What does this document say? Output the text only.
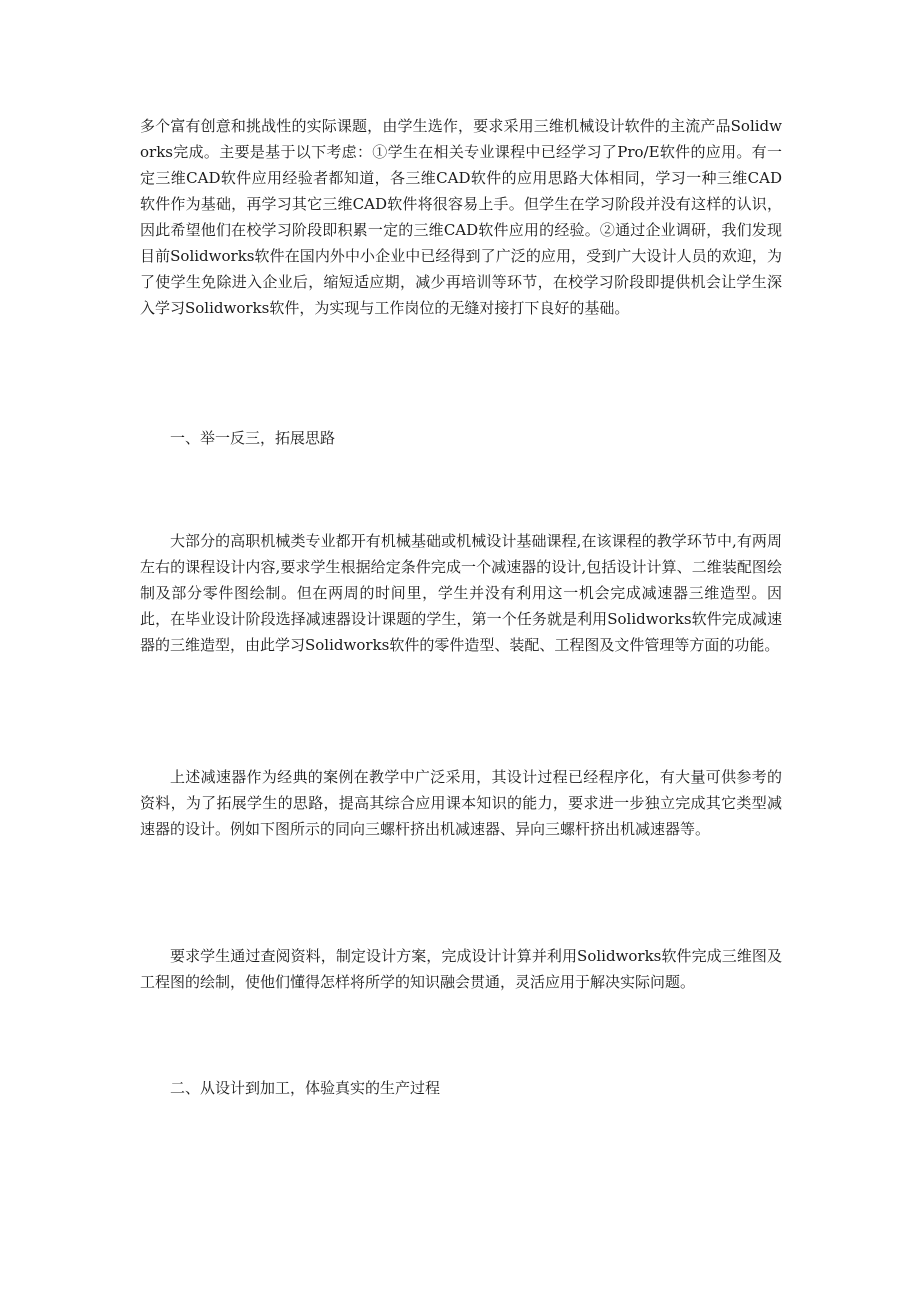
多个富有创意和挑战性的实际课题，由学生选作，要求采用三维机械设计软件的主流产品Solidworks完成。主要是基于以下考虑：①学生在相关专业课程中已经学习了Pro/E软件的应用。有一定三维CAD软件应用经验者都知道，各三维CAD软件的应用思路大体相同，学习一种三维CAD软件作为基础，再学习其它三维CAD软件将很容易上手。但学生在学习阶段并没有这样的认识，因此希望他们在校学习阶段即积累一定的三维CAD软件应用的经验。②通过企业调研，我们发现目前Solidworks软件在国内外中小企业中已经得到了广泛的应用，受到广大设计人员的欢迎，为了使学生免除进入企业后，缩短适应期，减少再培训等环节，在校学习阶段即提供机会让学生深入学习Solidworks软件，为实现与工作岗位的无缝对接打下良好的基础。

一、举一反三，拓展思路

大部分的高职机械类专业都开有机械基础或机械设计基础课程,在该课程的教学环节中,有两周左右的课程设计内容,要求学生根据给定条件完成一个减速器的设计,包括设计计算、二维装配图绘制及部分零件图绘制。但在两周的时间里，学生并没有利用这一机会完成减速器三维造型。因此，在毕业设计阶段选择减速器设计课题的学生，第一个任务就是利用Solidworks软件完成减速器的三维造型，由此学习Solidworks软件的零件造型、装配、工程图及文件管理等方面的功能。

上述减速器作为经典的案例在教学中广泛采用，其设计过程已经程序化，有大量可供参考的资料，为了拓展学生的思路，提高其综合应用课本知识的能力，要求进一步独立完成其它类型减速器的设计。例如下图所示的同向三螺杆挤出机减速器、异向三螺杆挤出机减速器等。

要求学生通过查阅资料，制定设计方案，完成设计计算并利用Solidworks软件完成三维图及工程图的绘制，使他们懂得怎样将所学的知识融会贯通，灵活应用于解决实际问题。

二、从设计到加工，体验真实的生产过程
